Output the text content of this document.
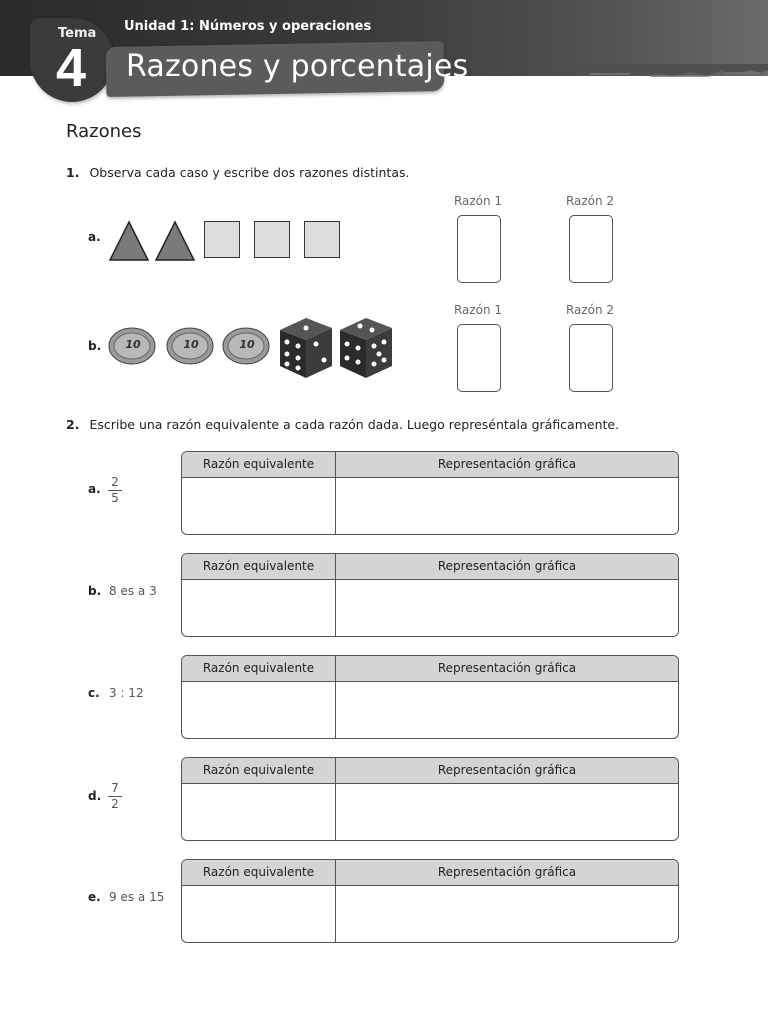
Tema
4
Unidad 1: Números y operaciones
Razones y porcentajes
Razones
1. Observa cada caso y escribe dos razones distintas.
a.
Razón 1	Razón 2
b.	10	10	10
Razón 1	Razón 2
2. Escribe una razón equivalente a cada razón dada. Luego represéntala gráficamente.
a. 2
5
Razón equivalente	Representación gráfica
b. 8 es a 3
Razón equivalente	Representación gráfica
c. 3 : 12
Razón equivalente	Representación gráfica
d.
7
2
Razón equivalente	Representación gráfica
e. 9 es a 15
Razón equivalente	Representación gráfica
